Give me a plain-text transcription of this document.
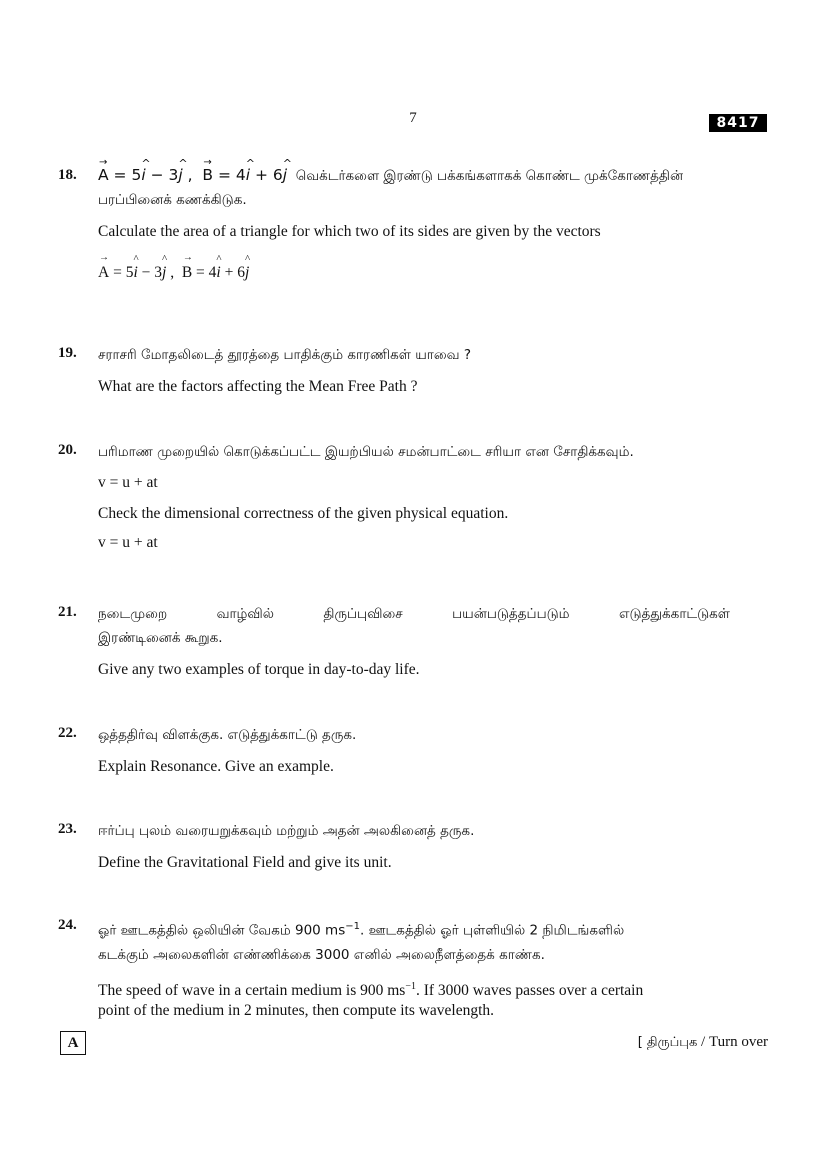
7	8417
18.

→ A = 5^ i − 3^ j ,  → B = 4^ i + 6^ j வெக்டர்களை இரண்டு பக்கங்களாகக் கொண்ட முக்கோணத்தின்

பரப்பினைக் கணக்கிடுக.

Calculate the area of a triangle for which two of its sides are given by the vectors

→ A = 5^ i − 3^ j ,  → B = 4^ i + 6^ j

19. சராசரி மோதலிடைத் தூரத்தை பாதிக்கும் காரணிகள் யாவை ?

What are the factors affecting the Mean Free Path ?

20. பரிமாண முறையில் கொடுக்கப்பட்ட இயற்பியல் சமன்பாட்டை சரியா என சோதிக்கவும்.

v = u + at

Check the dimensional correctness of the given physical equation.

v = u + at

21. நடைமுறை வாழ்வில் திருப்புவிசை பயன்படுத்தப்படும் எடுத்துக்காட்டுகள்

இரண்டினைக் கூறுக.

Give any two examples of torque in day-to-day life.

22. ஒத்ததிர்வு விளக்குக. எடுத்துக்காட்டு தருக.

Explain Resonance. Give an example.

23. ஈர்ப்பு புலம் வரையறுக்கவும் மற்றும் அதன் அலகினைத் தருக.

Define the Gravitational Field and give its unit.

24. ஓர் ஊடகத்தில் ஒலியின் வேகம் 900 $ms^{-1}$. ஊடகத்தில் ஓர் புள்ளியில் 2 நிமிடங்களில்

கடக்கும் அலைகளின் எண்ணிக்கை 3000 எனில் அலைநீளத்தைக் காண்க.

The speed of wave in a certain medium is 900 $ms^{-1}$. If 3000 waves passes over a certain

point of the medium in 2 minutes, then compute its wavelength.

A	[ திருப்புக / Turn over
